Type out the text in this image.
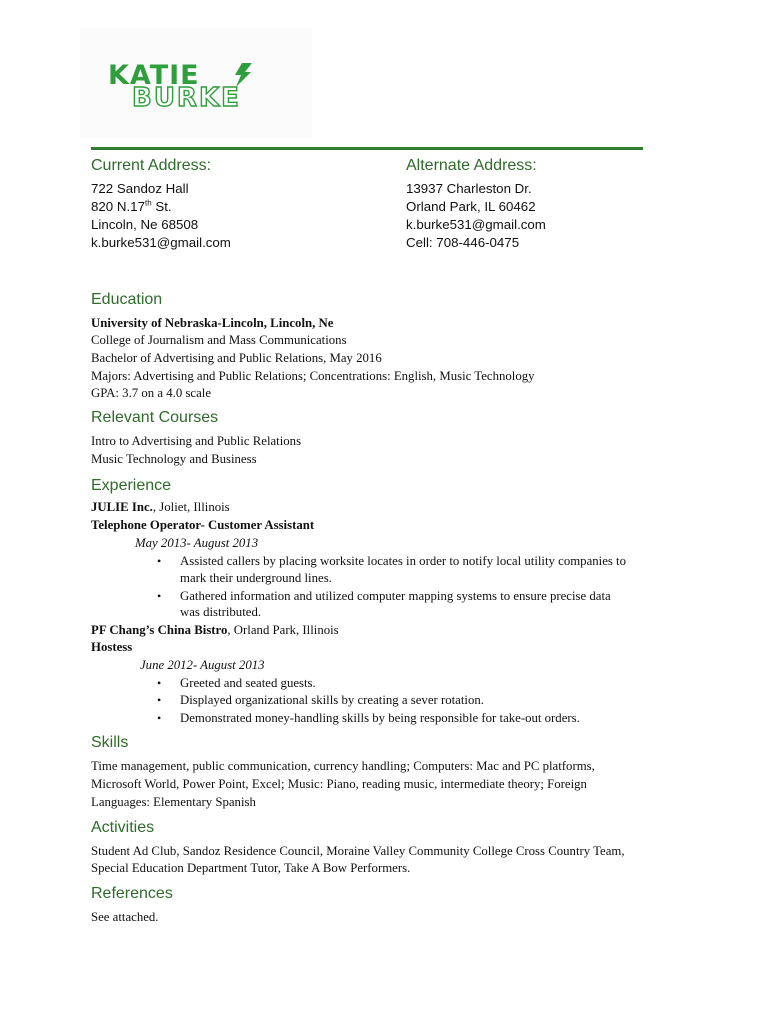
KATIE
BURKE
Current Address:
722 Sandoz Hall
820 N.17th St.
Lincoln, Ne 68508
k.burke531@gmail.com
Alternate Address:
13937 Charleston Dr.
Orland Park, IL 60462
k.burke531@gmail.com
Cell: 708-446-0475
Education
University of Nebraska-Lincoln, Lincoln, Ne
College of Journalism and Mass Communications
Bachelor of Advertising and Public Relations, May 2016
Majors: Advertising and Public Relations; Concentrations: English, Music Technology
GPA: 3.7 on a 4.0 scale
Relevant Courses
Intro to Advertising and Public Relations
Music Technology and Business
Experience
JULIE Inc., Joliet, Illinois
Telephone Operator- Customer Assistant
May 2013- August 2013
• Assisted callers by placing worksite locates in order to notify local utility companies to
mark their underground lines.
• Gathered information and utilized computer mapping systems to ensure precise data
was distributed.
PF Chang’s China Bistro, Orland Park, Illinois
Hostess
June 2012- August 2013
• Greeted and seated guests.
• Displayed organizational skills by creating a sever rotation.
• Demonstrated money-handling skills by being responsible for take-out orders.
Skills
Time management, public communication, currency handling; Computers: Mac and PC platforms,
Microsoft World, Power Point, Excel; Music: Piano, reading music, intermediate theory; Foreign
Languages: Elementary Spanish
Activities
Student Ad Club, Sandoz Residence Council, Moraine Valley Community College Cross Country Team,
Special Education Department Tutor, Take A Bow Performers.
References
See attached.
